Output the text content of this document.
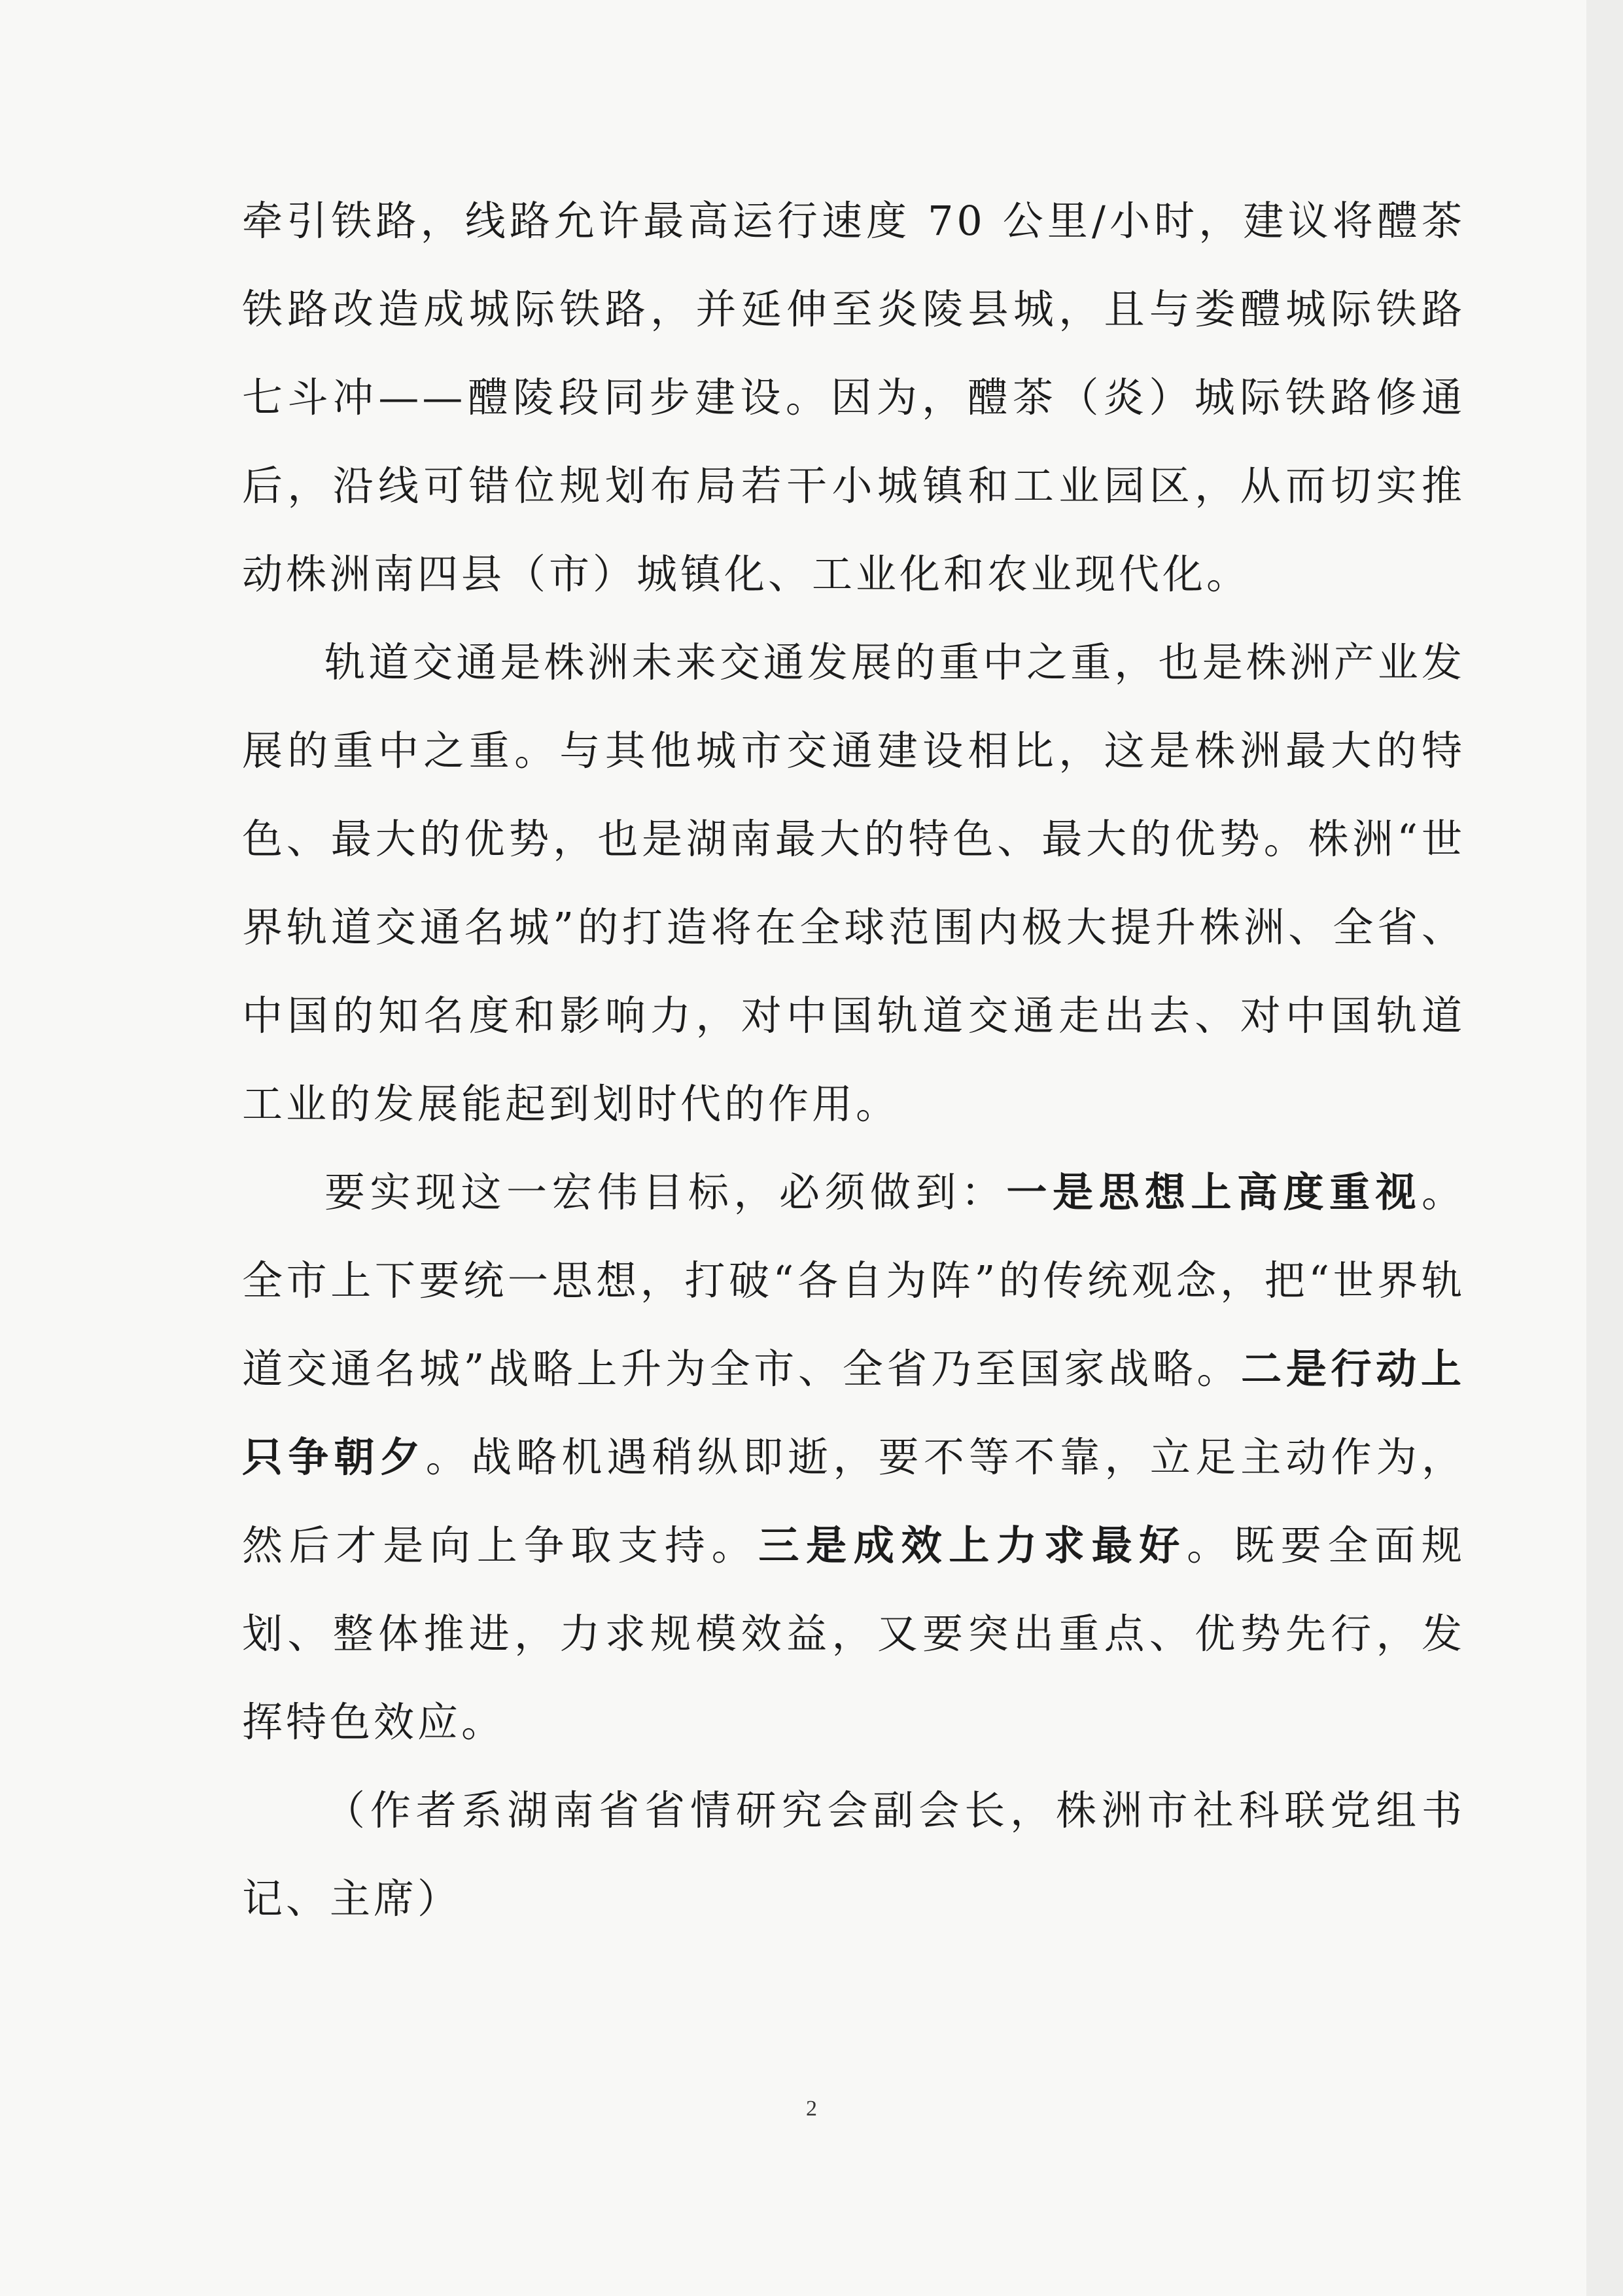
牵引铁路，线路允许最高运行速度 70 公里/小时，建议将醴茶铁路改造成城际铁路，并延伸至炎陵县城，且与娄醴城际铁路七斗冲——醴陵段同步建设。因为，醴茶（炎）城际铁路修通后，沿线可错位规划布局若干小城镇和工业园区，从而切实推动株洲南四县（市）城镇化、工业化和农业现代化。

轨道交通是株洲未来交通发展的重中之重，也是株洲产业发展的重中之重。与其他城市交通建设相比，这是株洲最大的特色、最大的优势，也是湖南最大的特色、最大的优势。株洲“世界轨道交通名城”的打造将在全球范围内极大提升株洲、全省、中国的知名度和影响力，对中国轨道交通走出去、对中国轨道工业的发展能起到划时代的作用。

要实现这一宏伟目标，必须做到：一是思想上高度重视。全市上下要统一思想，打破“各自为阵”的传统观念，把“世界轨道交通名城”战略上升为全市、全省乃至国家战略。二是行动上只争朝夕。战略机遇稍纵即逝，要不等不靠，立足主动作为，然后才是向上争取支持。三是成效上力求最好。既要全面规划、整体推进，力求规模效益，又要突出重点、优势先行，发挥特色效应。

（作者系湖南省省情研究会副会长，株洲市社科联党组书记、主席）

2
